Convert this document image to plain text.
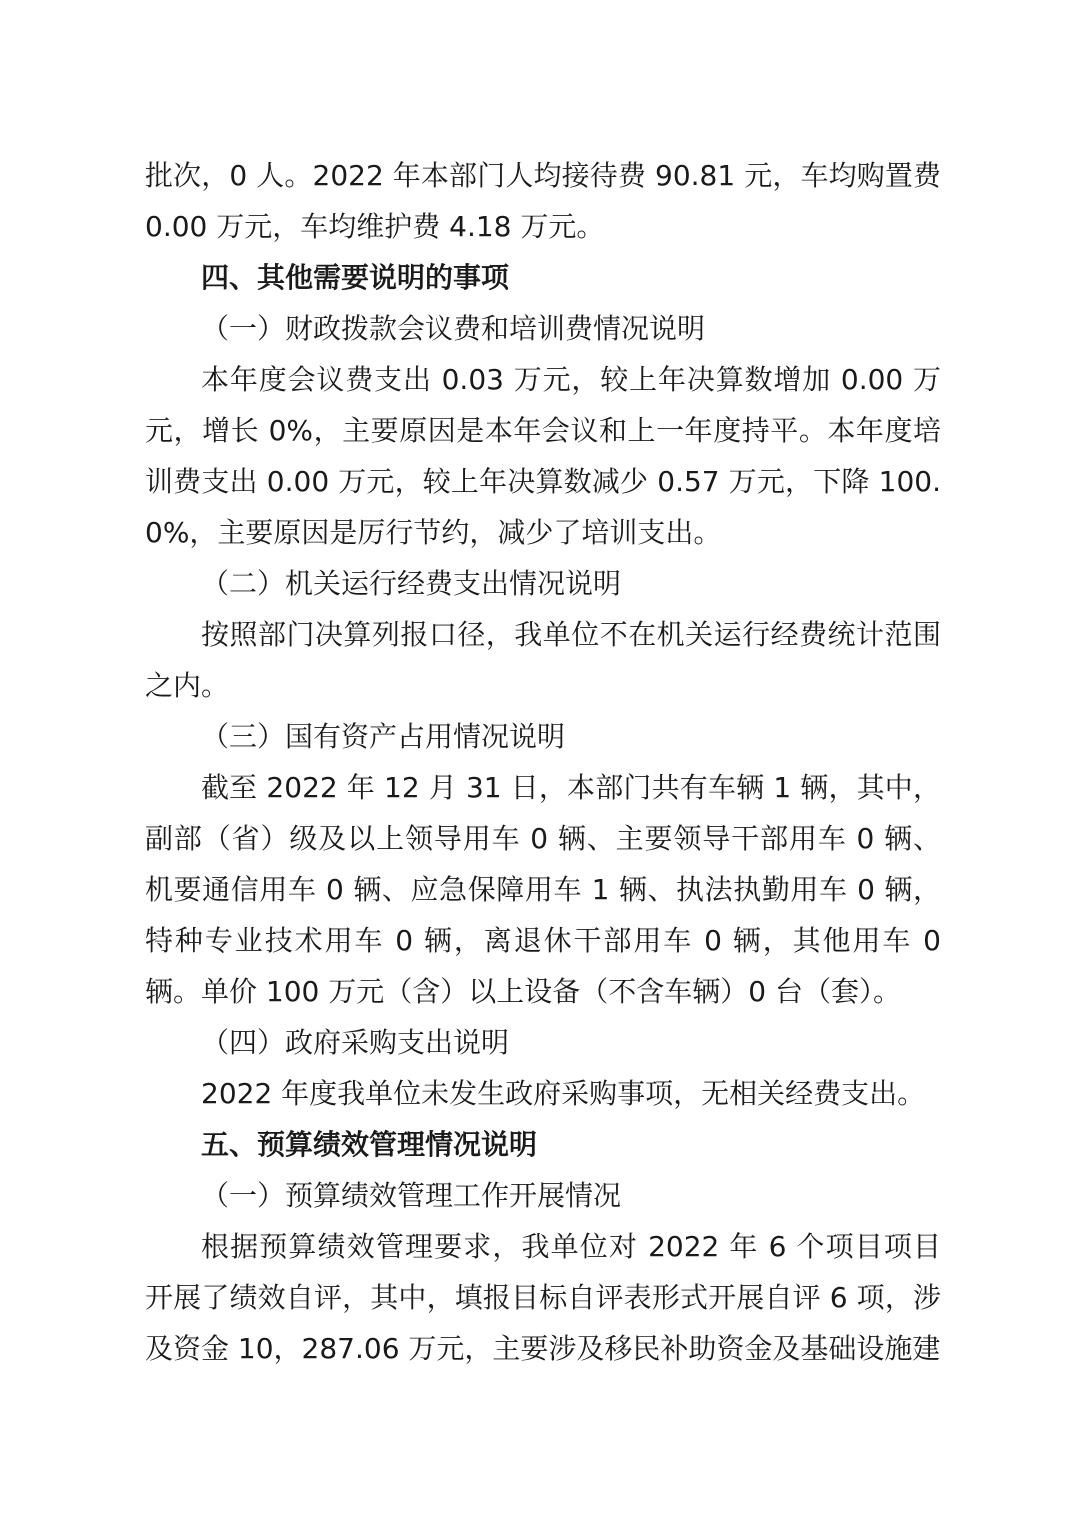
批次，0 人。2022 年本部门人均接待费 90.81 元，车均购置费 0.00 万元，车均维护费 4.18 万元。

四、其他需要说明的事项

（一）财政拨款会议费和培训费情况说明

本年度会议费支出 0.03 万元，较上年决算数增加 0.00 万元，增长 0%，主要原因是本年会议和上一年度持平。本年度培训费支出 0.00 万元，较上年决算数减少 0.57 万元，下降 100.0%，主要原因是厉行节约，减少了培训支出。

（二）机关运行经费支出情况说明

按照部门决算列报口径，我单位不在机关运行经费统计范围之内。

（三）国有资产占用情况说明

截至 2022 年 12 月 31 日，本部门共有车辆 1 辆，其中，副部（省）级及以上领导用车 0 辆、主要领导干部用车 0 辆、机要通信用车 0 辆、应急保障用车 1 辆、执法执勤用车 0 辆，特种专业技术用车 0 辆，离退休干部用车 0 辆，其他用车 0 辆。单价 100 万元（含）以上设备（不含车辆）0 台（套）。

（四）政府采购支出说明

2022 年度我单位未发生政府采购事项，无相关经费支出。

五、预算绩效管理情况说明

（一）预算绩效管理工作开展情况

根据预算绩效管理要求，我单位对 2022 年 6 个项目项目开展了绩效自评，其中，填报目标自评表形式开展自评 6 项，涉及资金 10，287.06 万元，主要涉及移民补助资金及基础设施建
